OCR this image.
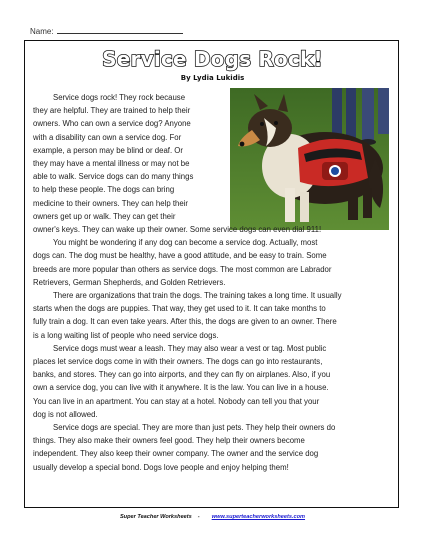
Name:
Service Dogs Rock!
By Lydia Lukidis
Service dogs rock! They rock because
they are helpful. They are trained to help their
owners. Who can own a service dog? Anyone
with a disability can own a service dog. For
example, a person may be blind or deaf. Or
they may have a mental illness or may not be
able to walk. Service dogs can do many things
to help these people. The dogs can bring
medicine to their owners. They can help their
owners get up or walk. They can get their
owner's keys. They can wake up their owner. Some service dogs can even dial 911!
You might be wondering if any dog can become a service dog. Actually, most
dogs can. The dog must be healthy, have a good attitude, and be easy to train. Some
breeds are more popular than others as service dogs. The most common are Labrador
Retrievers, German Shepherds, and Golden Retrievers.
There are organizations that train the dogs. The training takes a long time. It usually
starts when the dogs are puppies. That way, they get used to it. It can take months to
fully train a dog. It can even take years. After this, the dogs are given to an owner. There
is a long waiting list of people who need service dogs.
Service dogs must wear a leash. They may also wear a vest or tag. Most public
places let service dogs come in with their owners. The dogs can go into restaurants,
banks, and stores. They can go into airports, and they can fly on airplanes. Also, if you
own a service dog, you can live with it anywhere. It is the law. You can live in a house.
You can live in an apartment. You can stay at a hotel. Nobody can tell you that your
dog is not allowed.
Service dogs are special. They are more than just pets. They help their owners do
things. They also make their owners feel good. They help their owners become
independent. They also keep their owner company. The owner and the service dog
usually develop a special bond. Dogs love people and enjoy helping them!
Super Teacher Worksheets - www.superteacherworksheets.com
